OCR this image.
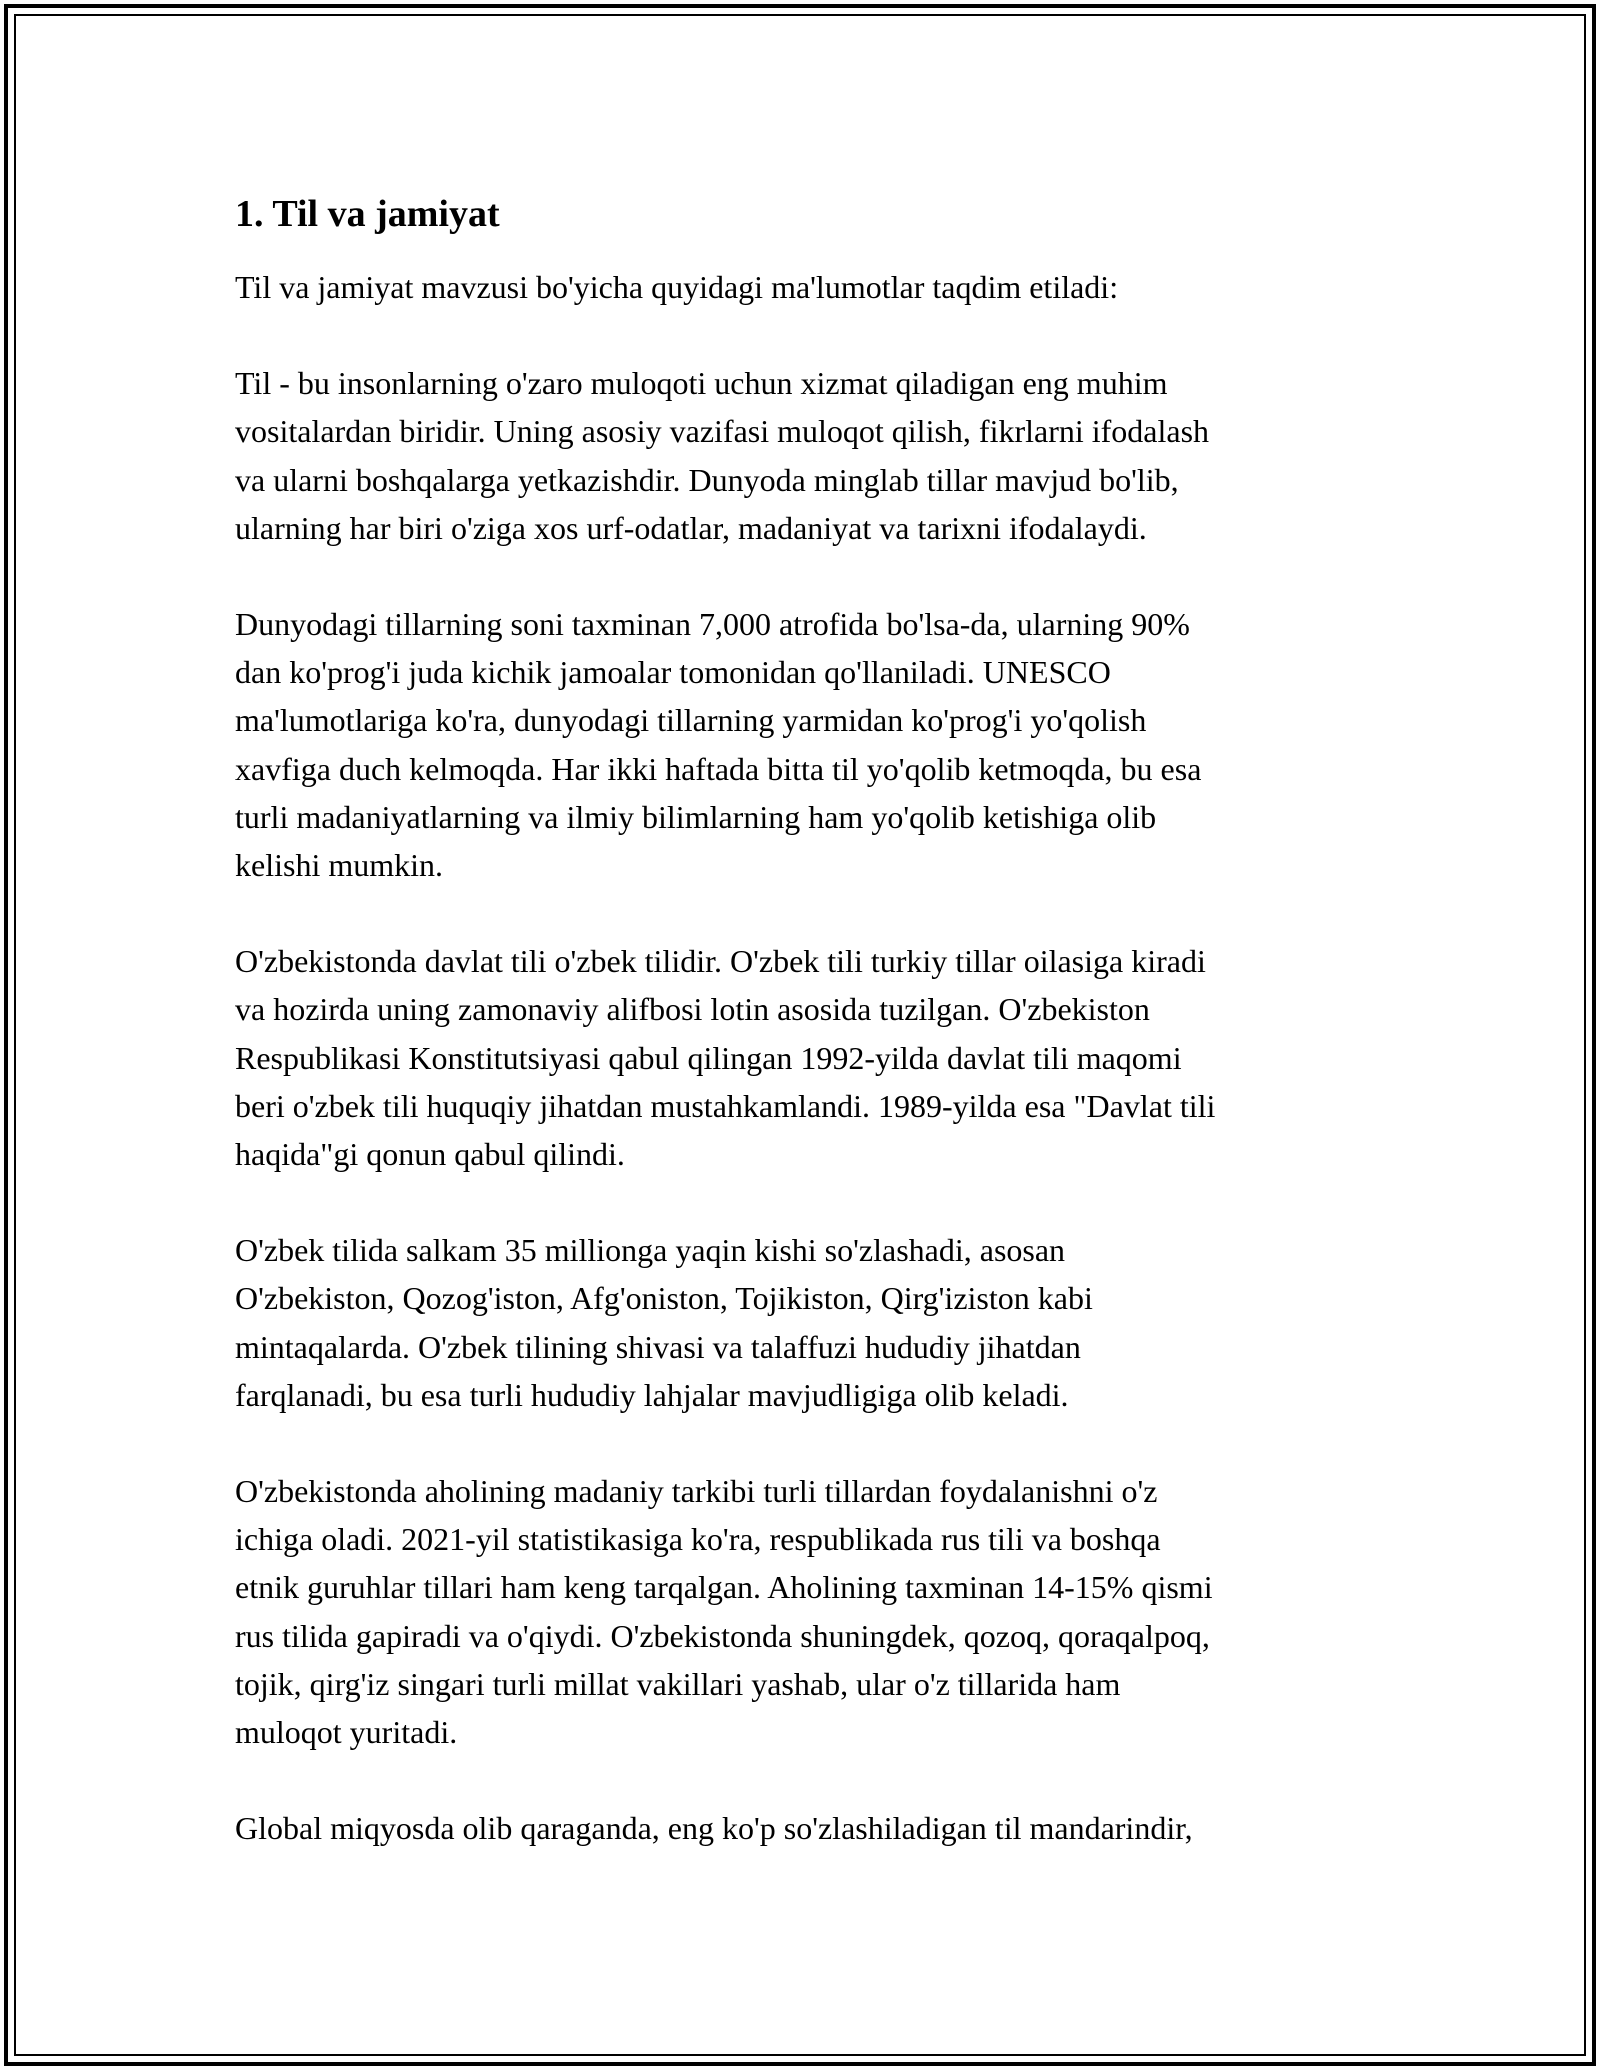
1. Til va jamiyat
Til va jamiyat mavzusi bo'yicha quyidagi ma'lumotlar taqdim etiladi:
Til - bu insonlarning o'zaro muloqoti uchun xizmat qiladigan eng muhim
vositalardan biridir. Uning asosiy vazifasi muloqot qilish, fikrlarni ifodalash
va ularni boshqalarga yetkazishdir. Dunyoda minglab tillar mavjud bo'lib,
ularning har biri o'ziga xos urf-odatlar, madaniyat va tarixni ifodalaydi.
Dunyodagi tillarning soni taxminan 7,000 atrofida bo'lsa-da, ularning 90%
dan ko'prog'i juda kichik jamoalar tomonidan qo'llaniladi. UNESCO
ma'lumotlariga ko'ra, dunyodagi tillarning yarmidan ko'prog'i yo'qolish
xavfiga duch kelmoqda. Har ikki haftada bitta til yo'qolib ketmoqda, bu esa
turli madaniyatlarning va ilmiy bilimlarning ham yo'qolib ketishiga olib
kelishi mumkin.
O'zbekistonda davlat tili o'zbek tilidir. O'zbek tili turkiy tillar oilasiga kiradi
va hozirda uning zamonaviy alifbosi lotin asosida tuzilgan. O'zbekiston
Respublikasi Konstitutsiyasi qabul qilingan 1992-yilda davlat tili maqomi
beri o'zbek tili huquqiy jihatdan mustahkamlandi. 1989-yilda esa "Davlat tili
haqida"gi qonun qabul qilindi.
O'zbek tilida salkam 35 millionga yaqin kishi so'zlashadi, asosan
O'zbekiston, Qozog'iston, Afg'oniston, Tojikiston, Qirg'iziston kabi
mintaqalarda. O'zbek tilining shivasi va talaffuzi hududiy jihatdan
farqlanadi, bu esa turli hududiy lahjalar mavjudligiga olib keladi.
O'zbekistonda aholining madaniy tarkibi turli tillardan foydalanishni o'z
ichiga oladi. 2021-yil statistikasiga ko'ra, respublikada rus tili va boshqa
etnik guruhlar tillari ham keng tarqalgan. Aholining taxminan 14-15% qismi
rus tilida gapiradi va o'qiydi. O'zbekistonda shuningdek, qozoq, qoraqalpoq,
tojik, qirg'iz singari turli millat vakillari yashab, ular o'z tillarida ham
muloqot yuritadi.
Global miqyosda olib qaraganda, eng ko'p so'zlashiladigan til mandarindir,
